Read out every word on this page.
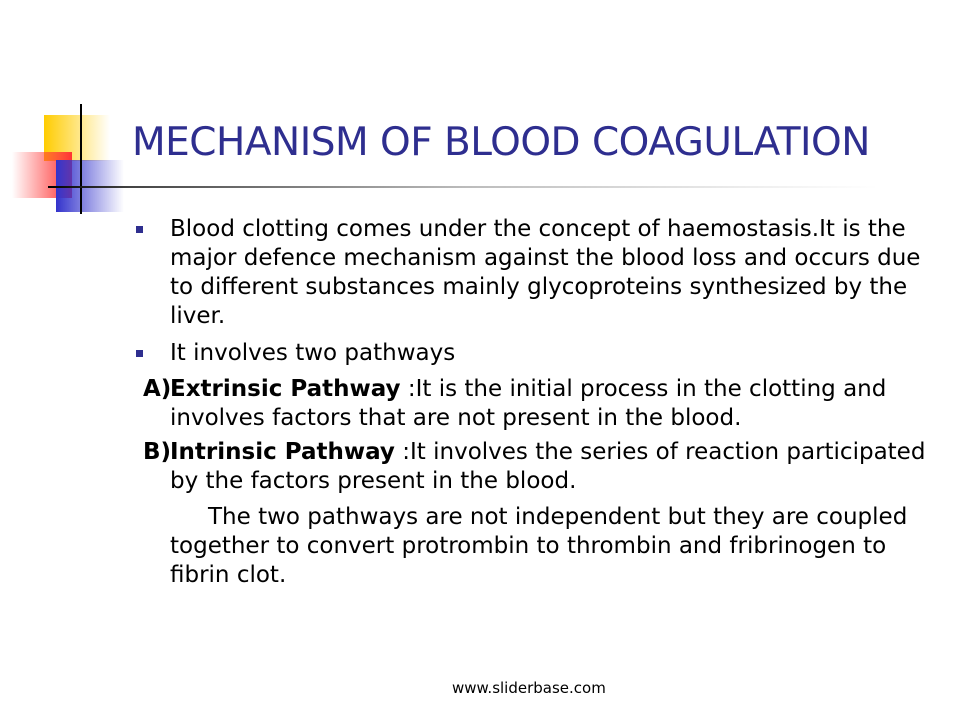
MECHANISM OF BLOOD COAGULATION

Blood clotting comes under the concept of haemostasis.It is the major defence mechanism against the blood loss and occurs due to different substances mainly glycoproteins synthesized by the liver.

It involves two pathways

A)
Extrinsic Pathway :It is the initial process in the clotting and involves factors that are not present in the blood.

B)
Intrinsic Pathway :It involves the series of reaction participated by the factors present in the blood.

The two pathways are not independent but they are coupled together to convert protrombin to thrombin and fribrinogen to fibrin clot.

www.sliderbase.com
